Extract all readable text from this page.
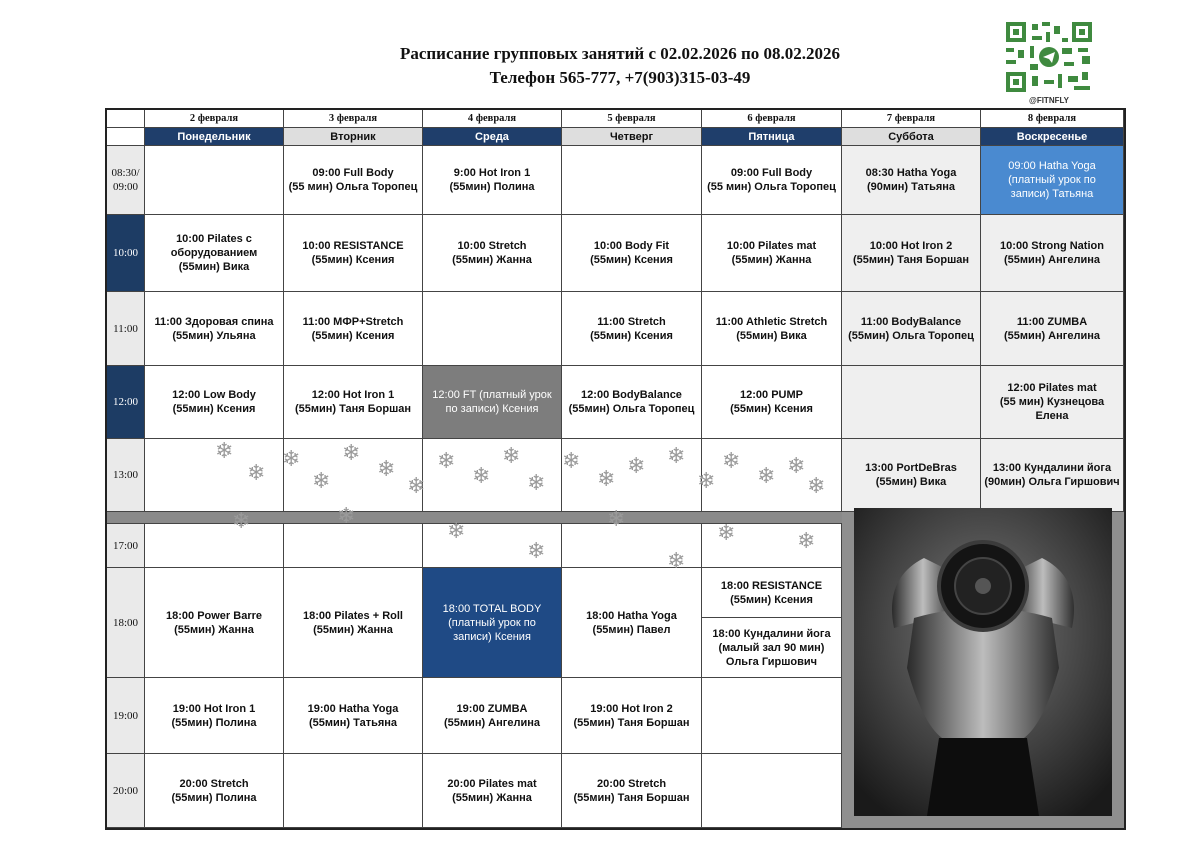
Расписание групповых занятий с 02.02.2026 по 08.02.2026
Телефон 565-777, +7(903)315-03-49
@FITNFLY
2 февраля
Понедельник
3 февраля
Вторник
4 февраля
Среда
5 февраля
Четверг
6 февраля
Пятница
7 февраля
Суббота
8 февраля
Воскресенье
08:30/
09:00
10:00
11:00
12:00
13:00
17:00
18:00
19:00
20:00
09:00 Full Body
(55 мин) Ольга Торопец
9:00 Hot Iron 1
(55мин) Полина
09:00 Full Body
(55 мин) Ольга Торопец
08:30 Hatha Yoga
(90мин) Татьяна
09:00 Hatha Yoga
(платный урок по
записи) Татьяна
10:00 Pilates с
оборудованием
(55мин) Вика
10:00 RESISTANCE
(55мин) Ксения
10:00 Stretch
(55мин) Жанна
10:00 Body Fit
(55мин) Ксения
10:00 Pilates mat
(55мин) Жанна
10:00 Hot Iron 2
(55мин) Таня Боршан
10:00 Strong Nation
(55мин) Ангелина
11:00 Здоровая спина
(55мин) Ульяна
11:00 МФР+Stretch
(55мин) Ксения
11:00 Stretch
(55мин) Ксения
11:00 Athletic Stretch
(55мин) Вика
11:00 BodyBalance
(55мин) Ольга Торопец
11:00 ZUMBA
(55мин) Ангелина
12:00 Low Body
(55мин) Ксения
12:00 Hot Iron 1
(55мин) Таня Боршан
12:00 FT (платный урок
по записи) Ксения
12:00 BodyBalance
(55мин) Ольга Торопец
12:00 PUMP
(55мин) Ксения
12:00 Pilates mat
(55 мин) Кузнецова
Елена
13:00 PortDeBras
(55мин) Вика
13:00 Кундалини йога
(90мин) Ольга Гиршович
19:00 Hot Iron 1
(55мин) Полина
19:00 Hatha Yoga
(55мин) Татьяна
19:00 ZUMBA
(55мин) Ангелина
19:00 Hot Iron 2
(55мин) Таня Боршан
20:00 Stretch
(55мин) Полина
20:00 Pilates mat
(55мин) Жанна
20:00 Stretch
(55мин) Таня Боршан
18:00 Power Barre
(55мин) Жанна
18:00 Pilates + Roll
(55мин) Жанна
18:00 TOTAL BODY
(платный урок по
записи) Ксения
18:00 Hatha Yoga
(55мин) Павел
18:00 RESISTANCE
(55мин) Ксения
18:00 Кундалини йога
(малый зал 90 мин)
Ольга Гиршович
❄
❄
❄
❄
❄
❄
❄
❄
❄
❄
❄
❄
❄
❄ ❄
❄
❄
❄ ❄
❄
❄	❄
❄
❄
❄
❄
❄	❄
